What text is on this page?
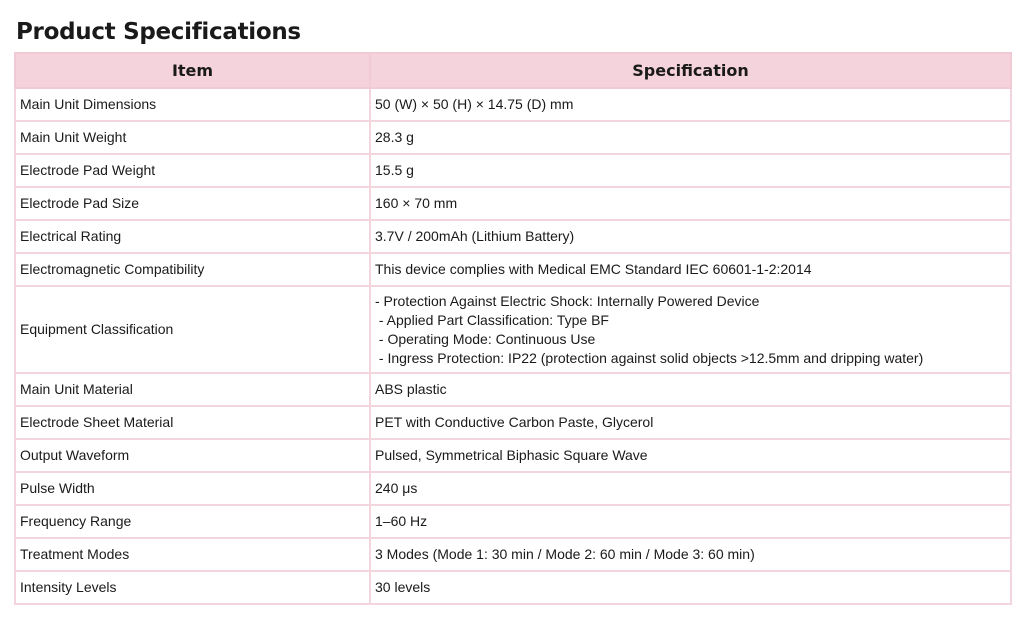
Product Specifications
Item	Specification
Main Unit Dimensions	50 (W) × 50 (H) × 14.75 (D) mm
Main Unit Weight	28.3 g
Electrode Pad Weight	15.5 g
Electrode Pad Size	160 × 70 mm
Electrical Rating	3.7V / 200mAh (Lithium Battery)
Electromagnetic Compatibility	This device complies with Medical EMC Standard IEC 60601-1-2:2014
Equipment Classification	- Protection Against Electric Shock: Internally Powered Device
- Applied Part Classification: Type BF
- Operating Mode: Continuous Use
- Ingress Protection: IP22 (protection against solid objects >12.5mm and dripping water)

Main Unit Material	ABS plastic
Electrode Sheet Material	PET with Conductive Carbon Paste, Glycerol
Output Waveform	Pulsed, Symmetrical Biphasic Square Wave
Pulse Width	240 μs
Frequency Range	1–60 Hz
Treatment Modes	3 Modes (Mode 1: 30 min / Mode 2: 60 min / Mode 3: 60 min)
Intensity Levels	30 levels
